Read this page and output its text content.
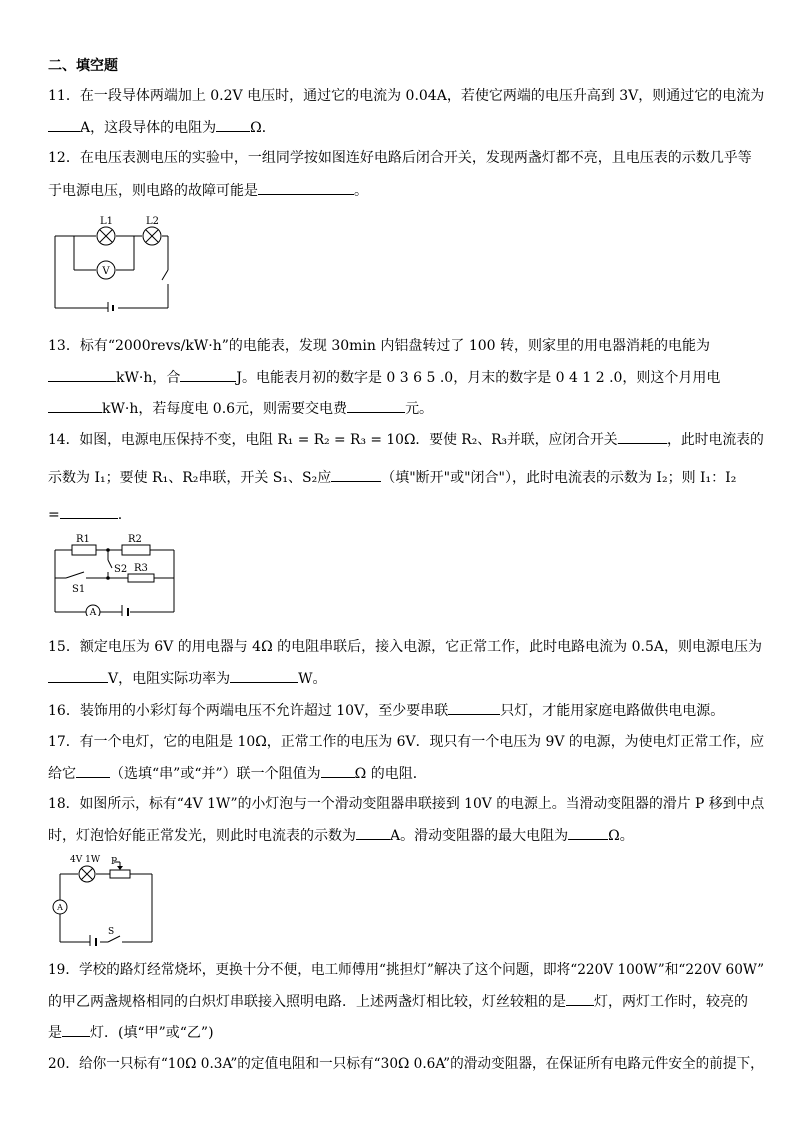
二、填空题
11．在一段导体两端加上 0.2V 电压时，通过它的电流为 0.04A，若使它两端的电压升高到 3V，则通过它的电流为
A，这段导体的电阻为 Ω．
12．在电压表测电压的实验中，一组同学按如图连好电路后闭合开关，发现两盏灯都不亮，且电压表的示数几乎等
于电源电压，则电路的故障可能是	。
V
L1	L2
13．标有“2000revs/kW·h”的电能表，发现 30min 内铝盘转过了 100 转，则家里的用电器消耗的电能为
kW·h，合	J。电能表月初的数字是 0 3 6 5 .0，月末的数字是 0 4 1 2 .0，则这个月用电
kW·h，若每度电 0.6元，则需要交电费	元。
14．如图，电源电压保持不变，电阻 R₁ = R₂ = R₃ = 10Ω．要使 R₂、R₃并联，应闭合开关	，此时电流表的
示数为 I₁；要使 R₁、R₂串联，开关 S₁、S₂应	（填"断开"或"闭合"），此时电流表的示数为 I₂；则 I₁：I₂
=	.
A
R1	R2
R3
S2
S1
15．额定电压为 6V 的用电器与 4Ω 的电阻串联后，接入电源，它正常工作，此时电路电流为 0.5A，则电源电压为
V，电阻实际功率为	W。
16．装饰用的小彩灯每个两端电压不允许超过 10V，至少要串联	只灯，才能用家庭电路做供电电源。
17．有一个电灯，它的电阻是 10Ω，正常工作的电压为 6V．现只有一个电压为 9V 的电源，为使电灯正常工作，应
给它 （选填“串”或“并”）联一个阻值为 Ω 的电阻．
18．如图所示，标有“4V 1W”的小灯泡与一个滑动变阻器串联接到 10V 的电源上。当滑动变阻器的滑片 P 移到中点
时，灯泡恰好能正常发光，则此时电流表的示数为 A。滑动变阻器的最大电阻为	Ω。
A
4V 1W P
S
19．学校的路灯经常烧坏，更换十分不便，电工师傅用“挑担灯”解决了这个问题，即将“220V 100W”和“220V 60W”
的甲乙两盏规格相同的白炽灯串联接入照明电路．上述两盏灯相比较，灯丝较粗的是 灯，两灯工作时，较亮的
是 灯．(填“甲”或“乙”)
20．给你一只标有“10Ω 0.3A”的定值电阻和一只标有“30Ω 0.6A”的滑动变阻器，在保证所有电路元件安全的前提下，
